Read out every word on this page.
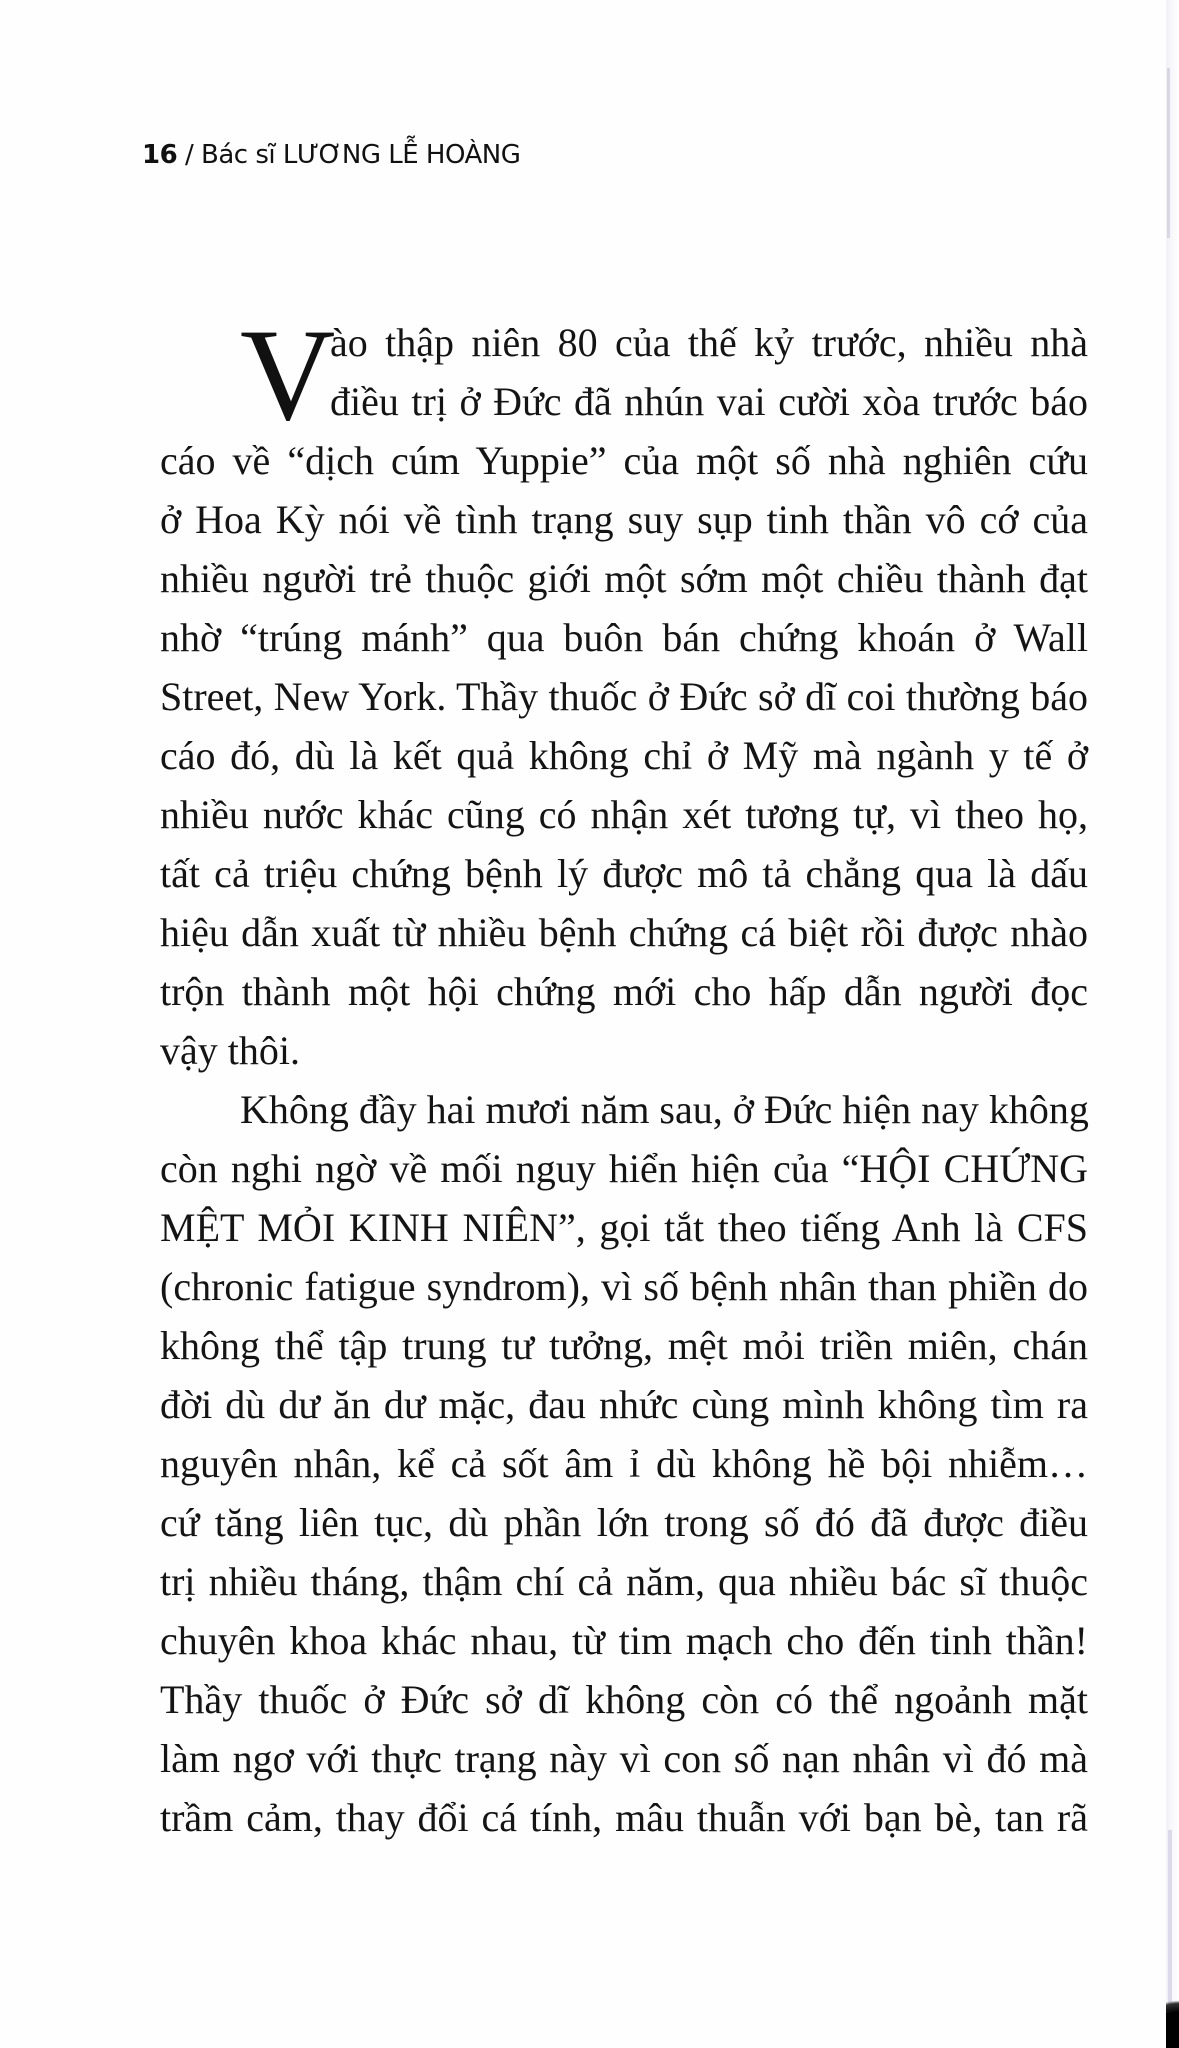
16 / Bác sĩ LƯƠNG LỄ HOÀNG
V
ào thập niên 80 của thế kỷ trước, nhiều nhà
điều trị ở Đức đã nhún vai cười xòa trước báo
cáo về “dịch cúm Yuppie” của một số nhà nghiên cứu
ở Hoa Kỳ nói về tình trạng suy sụp tinh thần vô cớ của
nhiều người trẻ thuộc giới một sớm một chiều thành đạt
nhờ “trúng mánh” qua buôn bán chứng khoán ở Wall
Street, New York. Thầy thuốc ở Đức sở dĩ coi thường báo
cáo đó, dù là kết quả không chỉ ở Mỹ mà ngành y tế ở
nhiều nước khác cũng có nhận xét tương tự, vì theo họ,
tất cả triệu chứng bệnh lý được mô tả chẳng qua là dấu
hiệu dẫn xuất từ nhiều bệnh chứng cá biệt rồi được nhào
trộn thành một hội chứng mới cho hấp dẫn người đọc
vậy thôi.
Không đầy hai mươi năm sau, ở Đức hiện nay không
còn nghi ngờ về mối nguy hiển hiện của “HỘI CHỨNG
MỆT MỎI KINH NIÊN”, gọi tắt theo tiếng Anh là CFS
(chronic fatigue syndrom), vì số bệnh nhân than phiền do
không thể tập trung tư tưởng, mệt mỏi triền miên, chán
đời dù dư ăn dư mặc, đau nhức cùng mình không tìm ra
nguyên nhân, kể cả sốt âm ỉ dù không hề bội nhiễm…
cứ tăng liên tục, dù phần lớn trong số đó đã được điều
trị nhiều tháng, thậm chí cả năm, qua nhiều bác sĩ thuộc
chuyên khoa khác nhau, từ tim mạch cho đến tinh thần!
Thầy thuốc ở Đức sở dĩ không còn có thể ngoảnh mặt
làm ngơ với thực trạng này vì con số nạn nhân vì đó mà
trầm cảm, thay đổi cá tính, mâu thuẫn với bạn bè, tan rã
